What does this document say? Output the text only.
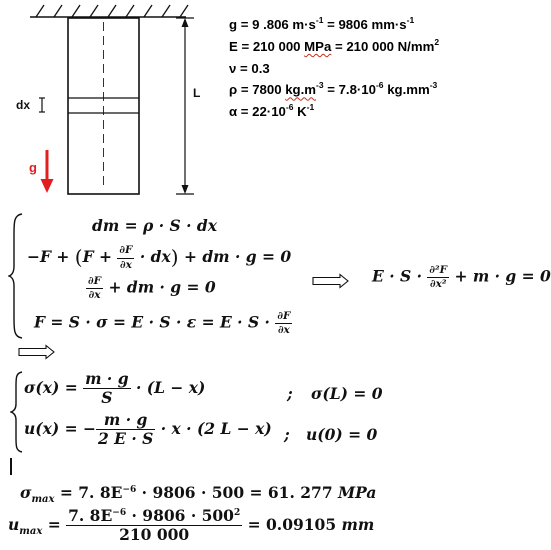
dx
L
g
g = 9 .806 $m\cdot s^{-1} = 9806$ $mm\cdot s^{-1}$
E = 210 000 MPa = 210 000 $N/mm^2$
ν = 0.3
ρ = 7800 $kg.m^{-3} = 7.8\cdot 10^{-6}$ $kg.mm^{-3}$
$\alpha = 22\cdot 10^{-6}$ $K^{-1}$
dm = ρ · S · dx
$-F + (F + \frac{\partial F}{\partial x} \cdot dx)$ + dm · g = 0
$\frac{\partial F}{\partial x}$ + dm · g = 0
$F = S \cdot \sigma = E \cdot S \cdot \varepsilon = E \cdot S \cdot \frac{\partial F}{\partial x}$
$E \cdot S \cdot \frac{\text{∂²F}}{\text{∂x²}} + m \cdot g = 0$
$\sigma(x) = \frac{m \cdot g}{S} \cdot (L - x)$	; σ(L) = 0
u(x) = − $\frac{m \cdot g}{2 E \cdot S} \cdot x \cdot (2$ L − x) ; u(0) = 0
$\sigma_{max} = 7$. $8E^{-6} \cdot 9806 \cdot 500 = 61$. 277 MPa
$u_{max} = \frac{7. 8E^{-6} \cdot 9806 \cdot 500^2}{210 000} = 0.09105$ mm
